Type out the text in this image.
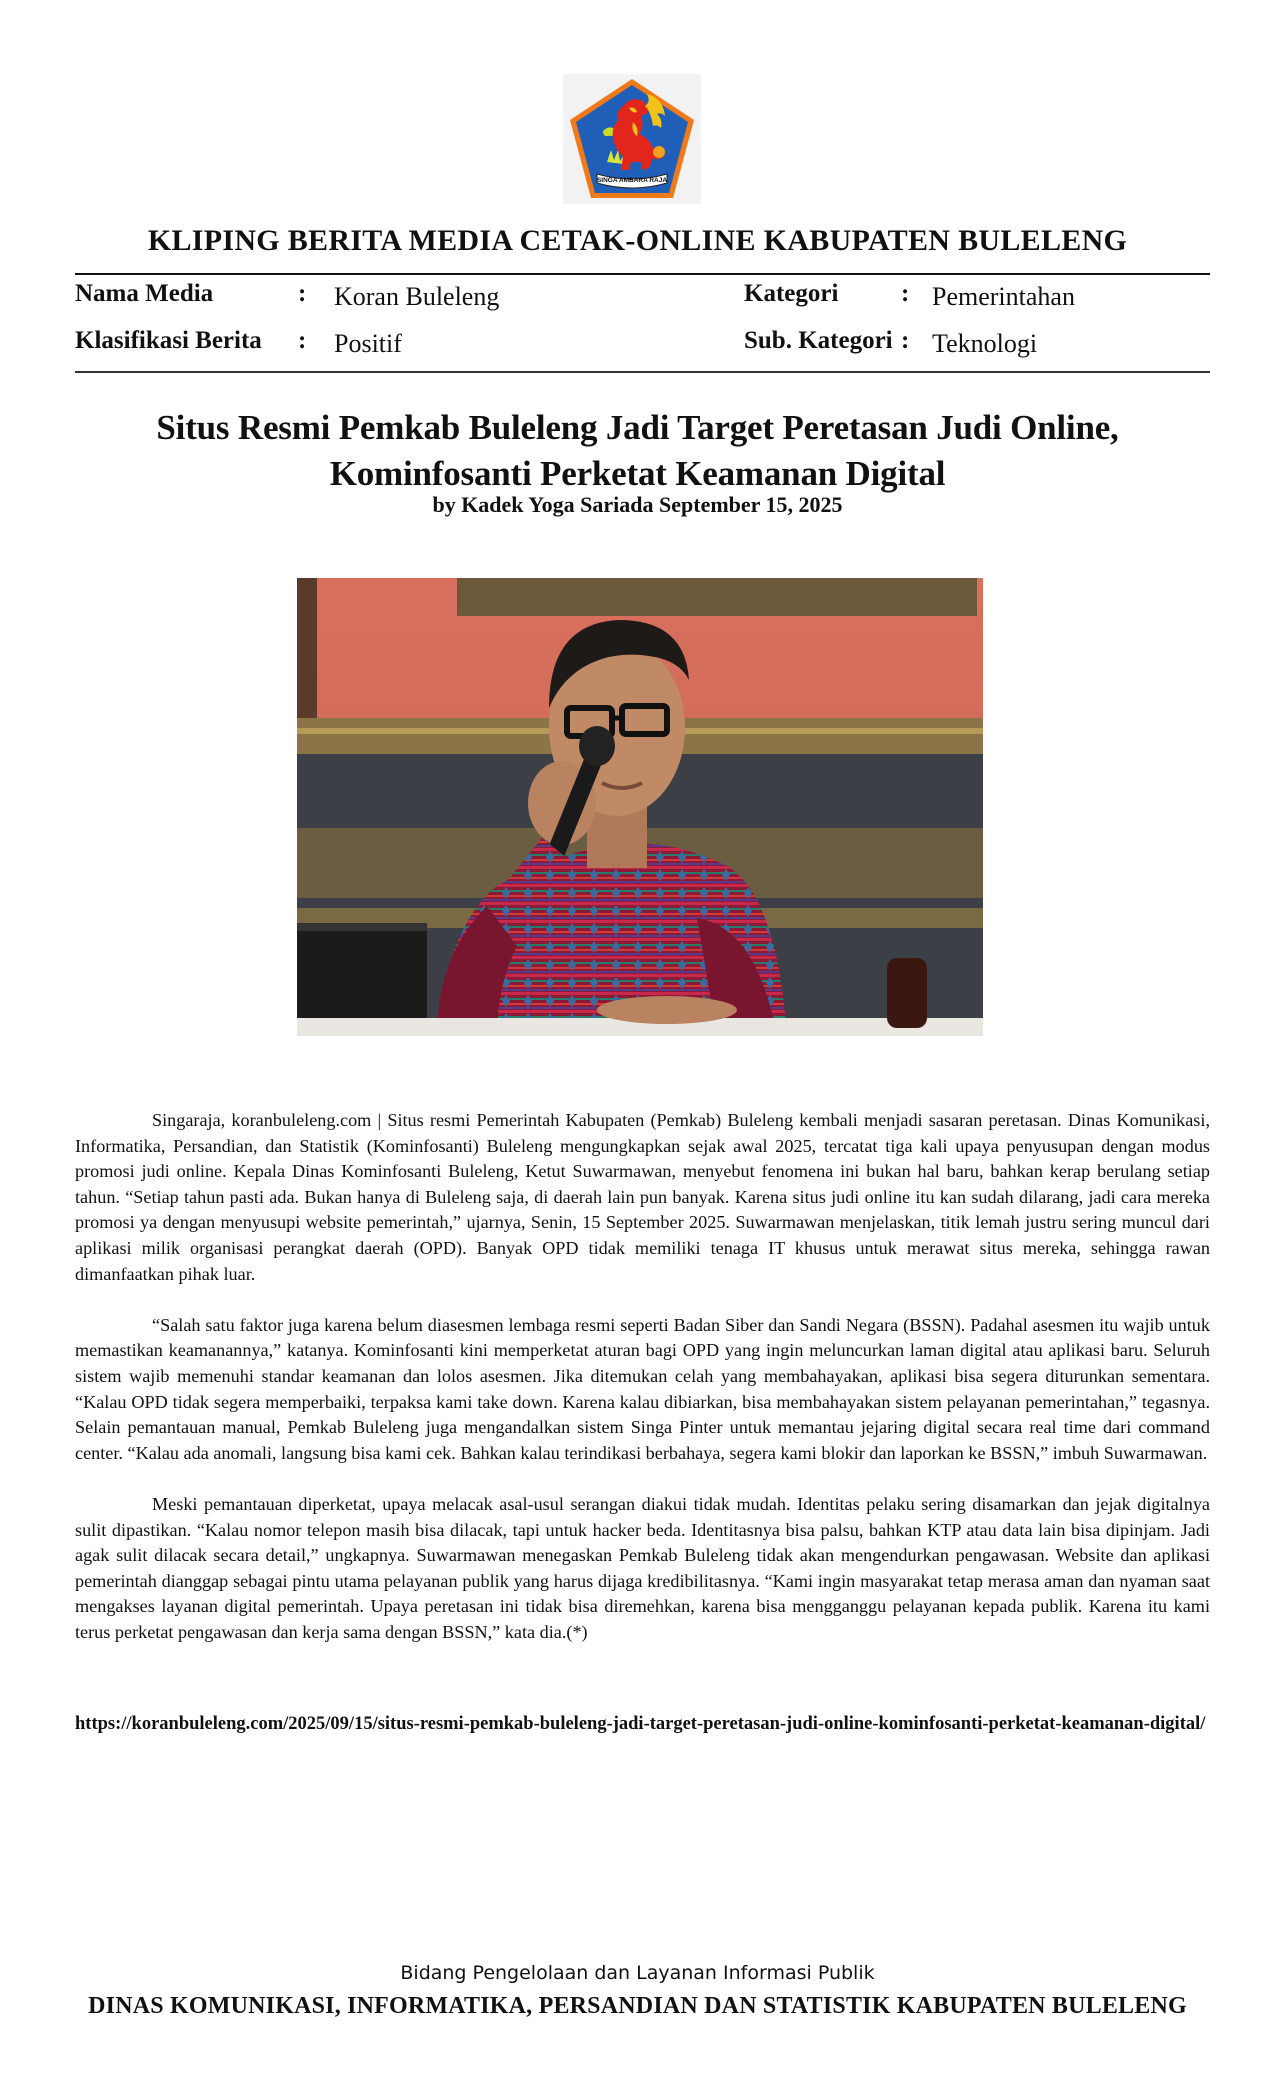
SINGA AMBARA RAJA
KLIPING BERITA MEDIA CETAK-ONLINE KABUPATEN BULELENG
Nama Media	: Koran Buleleng
Klasifikasi Berita : Positif
Kategori	: Pemerintahan
Sub. Kategori : Teknologi
Situs Resmi Pemkab Buleleng Jadi Target Peretasan Judi Online,
Kominfosanti Perketat Keamanan Digital
by Kadek Yoga Sariada September 15, 2025

Singaraja, koranbuleleng.com | Situs resmi Pemerintah Kabupaten (Pemkab) Buleleng kembali menjadi sasaran peretasan. Dinas Komunikasi, Informatika, Persandian, dan Statistik (Kominfosanti) Buleleng mengungkapkan sejak awal 2025, tercatat tiga kali upaya penyusupan dengan modus promosi judi online. Kepala Dinas Kominfosanti Buleleng, Ketut Suwarmawan, menyebut fenomena ini bukan hal baru, bahkan kerap berulang setiap tahun. “Setiap tahun pasti ada. Bukan hanya di Buleleng saja, di daerah lain pun banyak. Karena situs judi online itu kan sudah dilarang, jadi cara mereka promosi ya dengan menyusupi website pemerintah,” ujarnya, Senin, 15 September 2025. Suwarmawan menjelaskan, titik lemah justru sering muncul dari aplikasi milik organisasi perangkat daerah (OPD). Banyak OPD tidak memiliki tenaga IT khusus untuk merawat situs mereka, sehingga rawan dimanfaatkan pihak luar.

“Salah satu faktor juga karena belum diasesmen lembaga resmi seperti Badan Siber dan Sandi Negara (BSSN). Padahal asesmen itu wajib untuk memastikan keamanannya,” katanya. Kominfosanti kini memperketat aturan bagi OPD yang ingin meluncurkan laman digital atau aplikasi baru. Seluruh sistem wajib memenuhi standar keamanan dan lolos asesmen. Jika ditemukan celah yang membahayakan, aplikasi bisa segera diturunkan sementara. “Kalau OPD tidak segera memperbaiki, terpaksa kami take down. Karena kalau dibiarkan, bisa membahayakan sistem pelayanan pemerintahan,” tegasnya. Selain pemantauan manual, Pemkab Buleleng juga mengandalkan sistem Singa Pinter untuk memantau jejaring digital secara real time dari command center. “Kalau ada anomali, langsung bisa kami cek. Bahkan kalau terindikasi berbahaya, segera kami blokir dan laporkan ke BSSN,” imbuh Suwarmawan.

Meski pemantauan diperketat, upaya melacak asal-usul serangan diakui tidak mudah. Identitas pelaku sering disamarkan dan jejak digitalnya sulit dipastikan. “Kalau nomor telepon masih bisa dilacak, tapi untuk hacker beda. Identitasnya bisa palsu, bahkan KTP atau data lain bisa dipinjam. Jadi agak sulit dilacak secara detail,” ungkapnya. Suwarmawan menegaskan Pemkab Buleleng tidak akan mengendurkan pengawasan. Website dan aplikasi pemerintah dianggap sebagai pintu utama pelayanan publik yang harus dijaga kredibilitasnya. “Kami ingin masyarakat tetap merasa aman dan nyaman saat mengakses layanan digital pemerintah. Upaya peretasan ini tidak bisa diremehkan, karena bisa mengganggu pelayanan kepada publik. Karena itu kami terus perketat pengawasan dan kerja sama dengan BSSN,” kata dia.(*)

https://koranbuleleng.com/2025/09/15/situs-resmi-pemkab-buleleng-jadi-target-peretasan-judi-online-kominfosanti-perketat-keamanan-digital/
Bidang Pengelolaan dan Layanan Informasi Publik
DINAS KOMUNIKASI, INFORMATIKA, PERSANDIAN DAN STATISTIK KABUPATEN BULELENG
